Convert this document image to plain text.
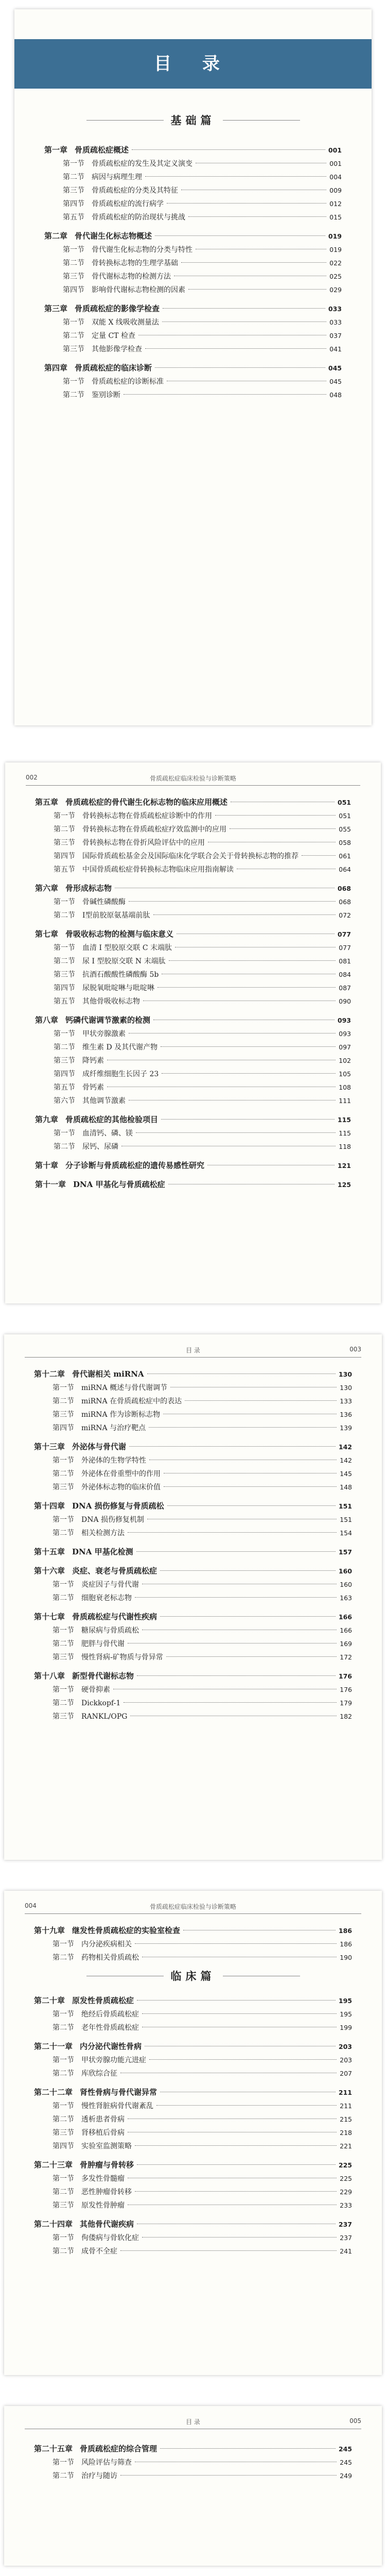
目 录
基础篇
第一章 骨质疏松症概述	001
第一节 骨质疏松症的发生及其定义演变	001
第二节 病因与病理生理	004
第三节 骨质疏松症的分类及其特征	009
第四节 骨质疏松症的流行病学	012
第五节 骨质疏松症的防治现状与挑战	015
第二章 骨代谢生化标志物概述	019
第一节 骨代谢生化标志物的分类与特性	019
第二节 骨转换标志物的生理学基础	022
第三节 骨代谢标志物的检测方法	025
第四节 影响骨代谢标志物检测的因素	029
第三章 骨质疏松症的影像学检查	033
第一节 双能 X 线吸收测量法	033
第二节 定量 CT 检查	037
第三节 其他影像学检查	041
第四章 骨质疏松症的临床诊断	045
第一节 骨质疏松症的诊断标准	045
第二节 鉴别诊断	048
骨质疏松症临床检验与诊断策略
002
第五章 骨质疏松症的骨代谢生化标志物的临床应用概述	051
第一节 骨转换标志物在骨质疏松症诊断中的作用	051
第二节 骨转换标志物在骨质疏松症疗效监测中的应用	055
第三节 骨转换标志物在骨折风险评估中的应用	058
第四节 国际骨质疏松基金会及国际临床化学联合会关于骨转换标志物的推荐	061
第五节 中国骨质疏松症骨转换标志物临床应用指南解读	064
第六章 骨形成标志物	068
第一节 骨碱性磷酸酶	068
第二节 Ⅰ型前胶原氨基端前肽	072
第七章 骨吸收标志物的检测与临床意义	077
第一节 血清 I 型胶原交联 C 末端肽	077
第二节 尿 I 型胶原交联 N 末端肽	081
第三节 抗酒石酸酸性磷酸酶 5b	084
第四节 尿脱氧吡啶啉与吡啶啉	087
第五节 其他骨吸收标志物	090
第八章 钙磷代谢调节激素的检测	093
第一节 甲状旁腺激素	093
第二节 维生素 D 及其代谢产物	097
第三节 降钙素	102
第四节 成纤维细胞生长因子 23	105
第五节 骨钙素	108
第六节 其他调节激素	111
第九章 骨质疏松症的其他检验项目	115
第一节 血清钙、磷、镁	115
第二节 尿钙、尿磷	118
第十章 分子诊断与骨质疏松症的遗传易感性研究	121
第十一章 DNA 甲基化与骨质疏松症	125
目 录	003
第十二章 骨代谢相关 miRNA	130
第一节 miRNA 概述与骨代谢调节	130
第二节 miRNA 在骨质疏松症中的表达	133
第三节 miRNA 作为诊断标志物	136
第四节 miRNA 与治疗靶点	139
第十三章 外泌体与骨代谢	142
第一节 外泌体的生物学特性	142
第二节 外泌体在骨重塑中的作用	145
第三节 外泌体标志物的临床价值	148
第十四章 DNA 损伤修复与骨质疏松	151
第一节 DNA 损伤修复机制	151
第二节 相关检测方法	154
第十五章 DNA 甲基化检测	157
第十六章 炎症、衰老与骨质疏松症	160
第一节 炎症因子与骨代谢	160
第二节 细胞衰老标志物	163
第十七章 骨质疏松症与代谢性疾病	166
第一节 糖尿病与骨质疏松	166
第二节 肥胖与骨代谢	169
第三节 慢性肾病-矿物质与骨异常	172
第十八章 新型骨代谢标志物	176
第一节 硬骨抑素	176
第二节 Dickkopf-1	179
第三节 RANKL/OPG	182
骨质疏松症临床检验与诊断策略
004
第十九章 继发性骨质疏松症的实验室检查	186
第一节 内分泌疾病相关	186
第二节 药物相关骨质疏松	190
临床篇
第二十章 原发性骨质疏松症	195
第一节 绝经后骨质疏松症	195
第二节 老年性骨质疏松症	199
第二十一章 内分泌代谢性骨病	203
第一节 甲状旁腺功能亢进症	203
第二节 库欣综合征	207
第二十二章 肾性骨病与骨代谢异常	211
第一节 慢性肾脏病骨代谢紊乱	211
第二节 透析患者骨病	215
第三节 肾移植后骨病	218
第四节 实验室监测策略	221
第二十三章 骨肿瘤与骨转移	225
第一节 多发性骨髓瘤	225
第二节 恶性肿瘤骨转移	229
第三节 原发性骨肿瘤	233
第二十四章 其他骨代谢疾病	237
第一节 佝偻病与骨软化症	237
第二节 成骨不全症	241
目 录	005
第二十五章 骨质疏松症的综合管理	245
第一节 风险评估与筛查	245
第二节 治疗与随访	249
